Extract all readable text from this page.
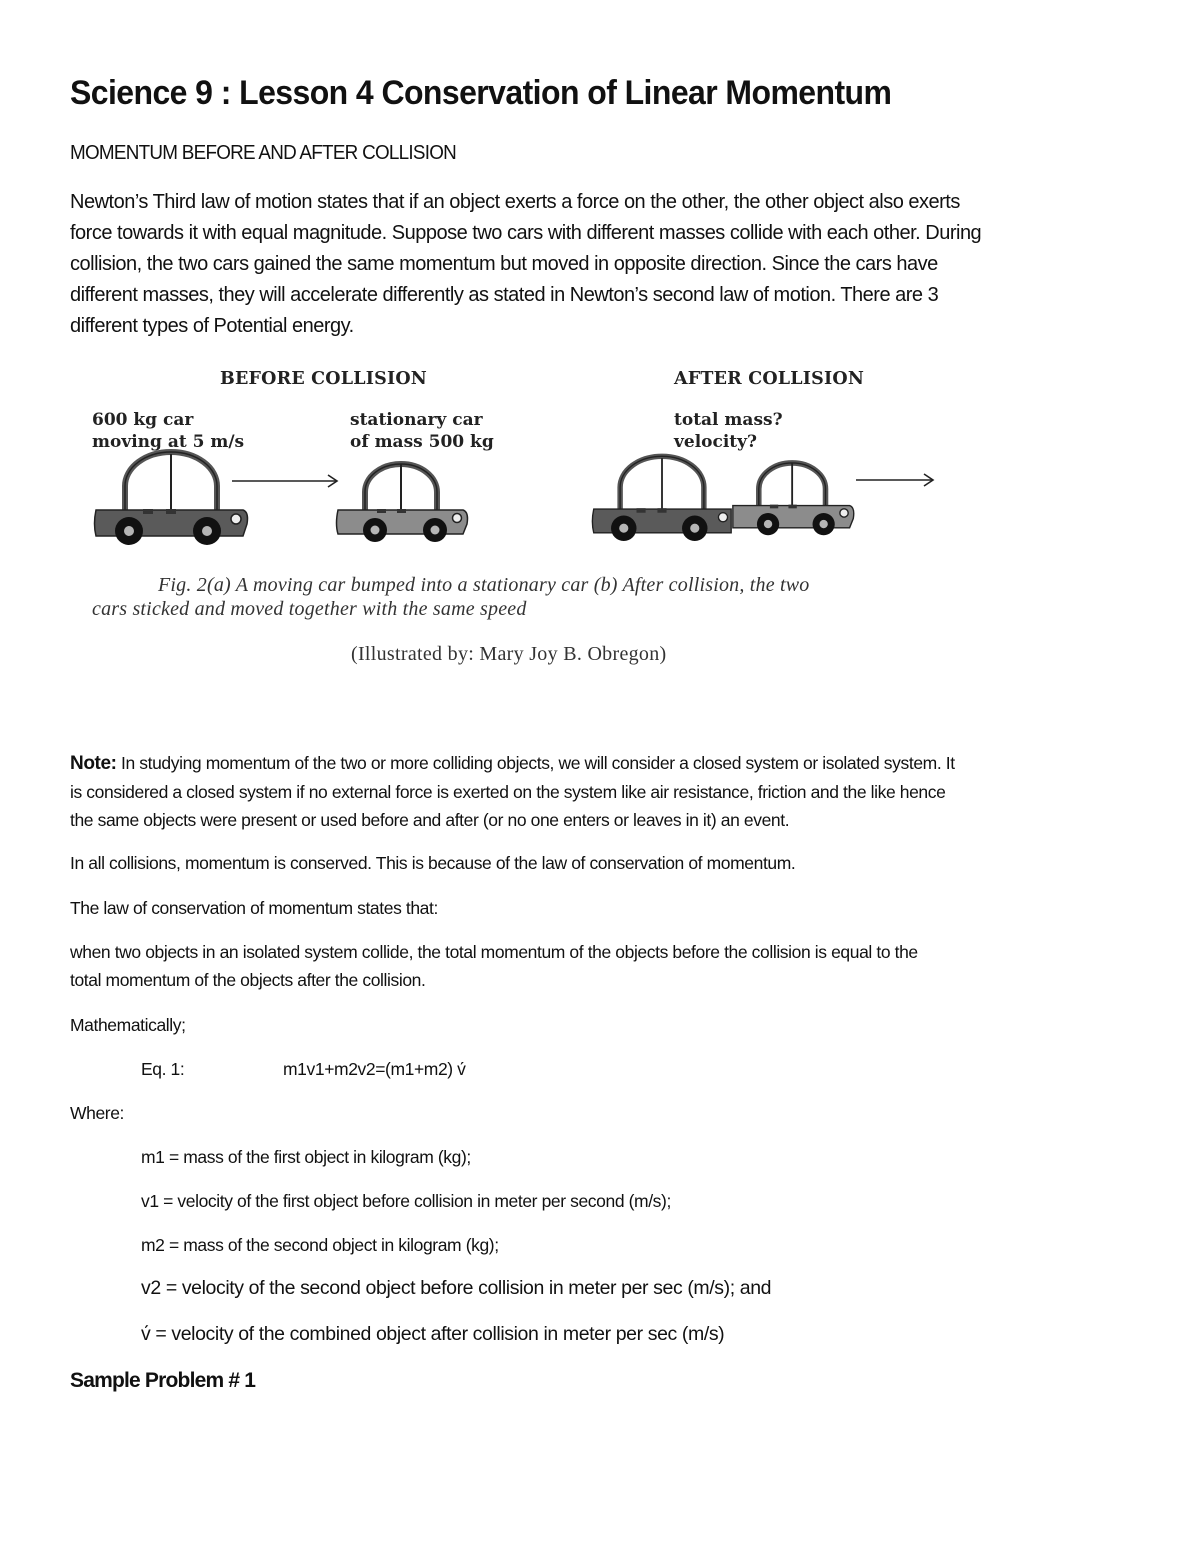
Science 9 : Lesson 4 Conservation of Linear Momentum
MOMENTUM BEFORE AND AFTER COLLISION
Newton’s Third law of motion states that if an object exerts a force on the other, the other object also exerts
force towards it with equal magnitude. Suppose two cars with different masses collide with each other. During
collision, the two cars gained the same momentum but moved in opposite direction. Since the cars have
different masses, they will accelerate differently as stated in Newton’s second law of motion. There are 3
different types of Potential energy.
BEFORE COLLISION	AFTER COLLISION
600 kg car
moving at 5 m/s
stationary car
of mass 500 kg
total mass?
velocity?
Fig. 2(a) A moving car bumped into a stationary car (b) After collision, the two
cars sticked and moved together with the same speed
(Illustrated by: Mary Joy B. Obregon)
Note: In studying momentum of the two or more colliding objects, we will consider a closed system or isolated system. It
is considered a closed system if no external force is exerted on the system like air resistance, friction and the like hence
the same objects were present or used before and after (or no one enters or leaves in it) an event.
In all collisions, momentum is conserved. This is because of the law of conservation of momentum.
The law of conservation of momentum states that:
when two objects in an isolated system collide, the total momentum of the objects before the collision is equal to the
total momentum of the objects after the collision.
Mathematically;
Eq. 1:	m1v1+m2v2=(m1+m2) v́
Where:
m1 = mass of the first object in kilogram (kg);
v1 = velocity of the first object before collision in meter per second (m/s);
m2 = mass of the second object in kilogram (kg);
v2 = velocity of the second object before collision in meter per sec (m/s); and
v́ = velocity of the combined object after collision in meter per sec (m/s)
Sample Problem # 1
